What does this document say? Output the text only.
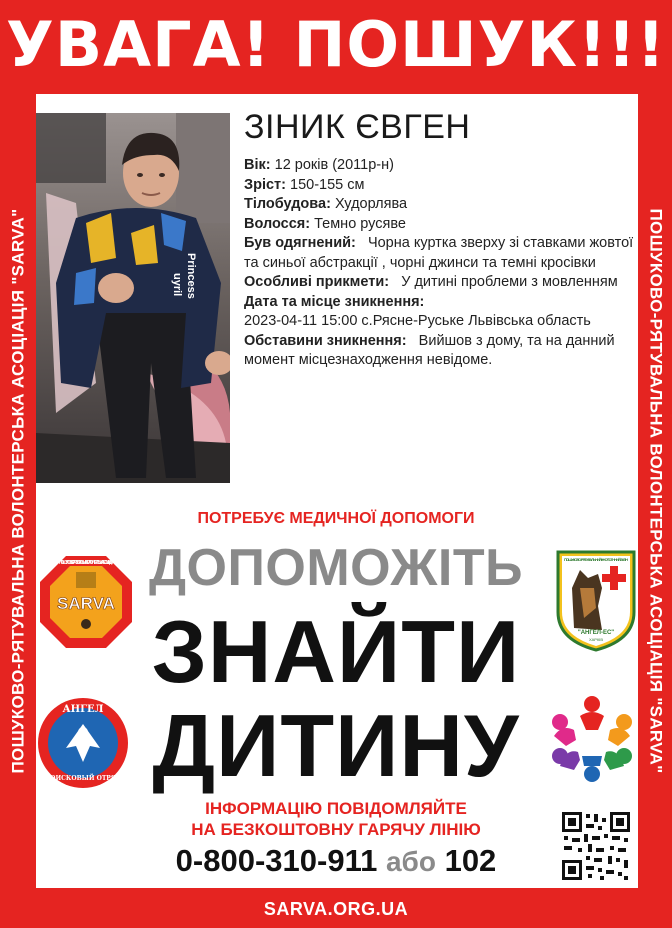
УВАГА! ПОШУК!!!
ПОШУКОВО-РЯТУВАЛЬНА ВОЛОНТЕРСЬКА АСОЦІАЦІЯ "SARVA"	ПОШУКОВО-РЯТУВАЛЬНА ВОЛОНТЕРСЬКА АСОЦІАЦІЯ "SARVA"
uyril Princess
ЗІНИК ЄВГЕН
Вік: 12 років (2011р-н)
Зріст: 150-155 см
Тілобудова: Худорлява
Волосся: Темно русяве
Був одягнений: Чорна куртка зверху зі ставками жовтої та синьої абстракції , чорні джинси та темні кросівки
Особливі прикмети: У дитині проблеми з мовленням
Дата та місце зникнення:
2023-04-11 15:00 с.Рясне-Руське Львівська область
Обставини зникнення: Вийшов з дому, та на данний момент місцезнаходження невідоме.
ПОТРЕБУЄ МЕДИЧНОЇ ДОПОМОГИ
ДОПОМОЖІТЬ
ЗНАЙТИ
ДИТИНУ
SARVA
ПОШУКОВО-РЯТУВАЛЬНА ВОЛОНТЕРСЬКА АСОЦІАЦІЯ
АНГЕЛ
ПОИСКОВЫЙ ОТРЯД
ПОШУКОВО-РЯТУВАЛЬНИЙ КІНОЛОГІЧНИЙ ЗАГІН
"АНГЕЛ-ЕС"
ХАРКІВ
ІНФОРМАЦІЮ ПОВІДОМЛЯЙТЕ
НА БЕЗКОШТОВНУ ГАРЯЧУ ЛІНІЮ
0-800-310-911 або 102
SARVA.ORG.UA
